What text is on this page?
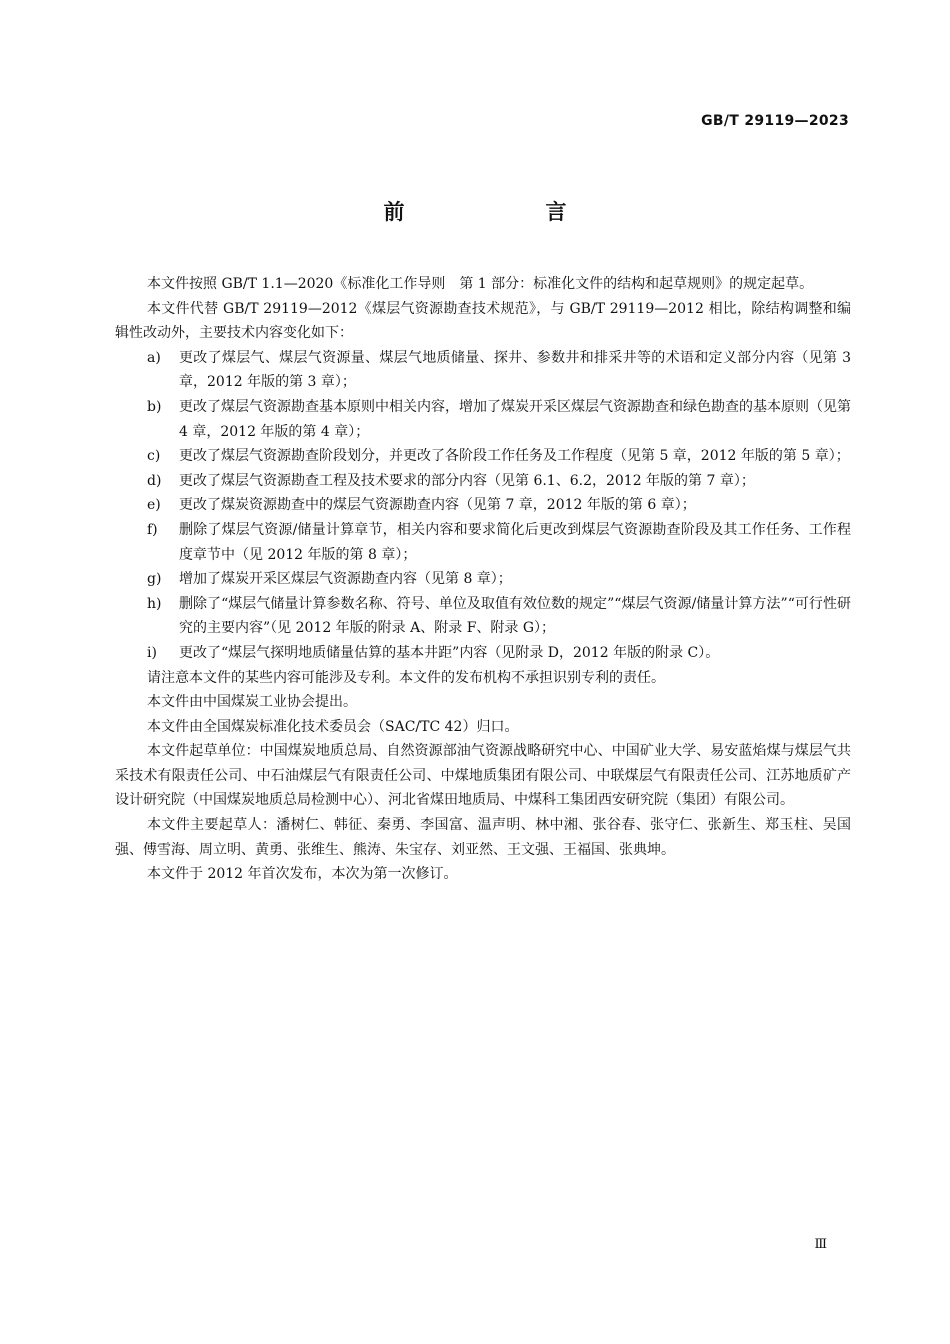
GB/T 29119—2023
前　言

本文件按照 GB/T 1.1—2020《标准化工作导则　第 1 部分：标准化文件的结构和起草规则》的规定起草。

本文件代替 GB/T 29119—2012《煤层气资源勘查技术规范》，与 GB/T 29119—2012 相比，除结构调整和编辑性改动外，主要技术内容变化如下：

a) 更改了煤层气、煤层气资源量、煤层气地质储量、探井、参数井和排采井等的术语和定义部分内容（见第 3 章，2012 年版的第 3 章）；
b) 更改了煤层气资源勘查基本原则中相关内容，增加了煤炭开采区煤层气资源勘查和绿色勘查的基本原则（见第 4 章，2012 年版的第 4 章）；
c) 更改了煤层气资源勘查阶段划分，并更改了各阶段工作任务及工作程度（见第 5 章，2012 年版的第 5 章）；
d) 更改了煤层气资源勘查工程及技术要求的部分内容（见第 6.1、6.2，2012 年版的第 7 章）；
e) 更改了煤炭资源勘查中的煤层气资源勘查内容（见第 7 章，2012 年版的第 6 章）；
f) 删除了煤层气资源/储量计算章节，相关内容和要求简化后更改到煤层气资源勘查阶段及其工作任务、工作程度章节中（见 2012 年版的第 8 章）；
g) 增加了煤炭开采区煤层气资源勘查内容（见第 8 章）；
h) 删除了“煤层气储量计算参数名称、符号、单位及取值有效位数的规定”“煤层气资源/储量计算方法”“可行性研究的主要内容”（见 2012 年版的附录 A、附录 F、附录 G）；
i) 更改了“煤层气探明地质储量估算的基本井距”内容（见附录 D，2012 年版的附录 C）。

请注意本文件的某些内容可能涉及专利。本文件的发布机构不承担识别专利的责任。

本文件由中国煤炭工业协会提出。

本文件由全国煤炭标准化技术委员会（SAC/TC 42）归口。

本文件起草单位：中国煤炭地质总局、自然资源部油气资源战略研究中心、中国矿业大学、易安蓝焰煤与煤层气共采技术有限责任公司、中石油煤层气有限责任公司、中煤地质集团有限公司、中联煤层气有限责任公司、江苏地质矿产设计研究院（中国煤炭地质总局检测中心）、河北省煤田地质局、中煤科工集团西安研究院（集团）有限公司。

本文件主要起草人：潘树仁、韩征、秦勇、李国富、温声明、林中湘、张谷春、张守仁、张新生、郑玉柱、吴国强、傅雪海、周立明、黄勇、张维生、熊涛、朱宝存、刘亚然、王文强、王福国、张典坤。

本文件于 2012 年首次发布，本次为第一次修订。

Ⅲ
